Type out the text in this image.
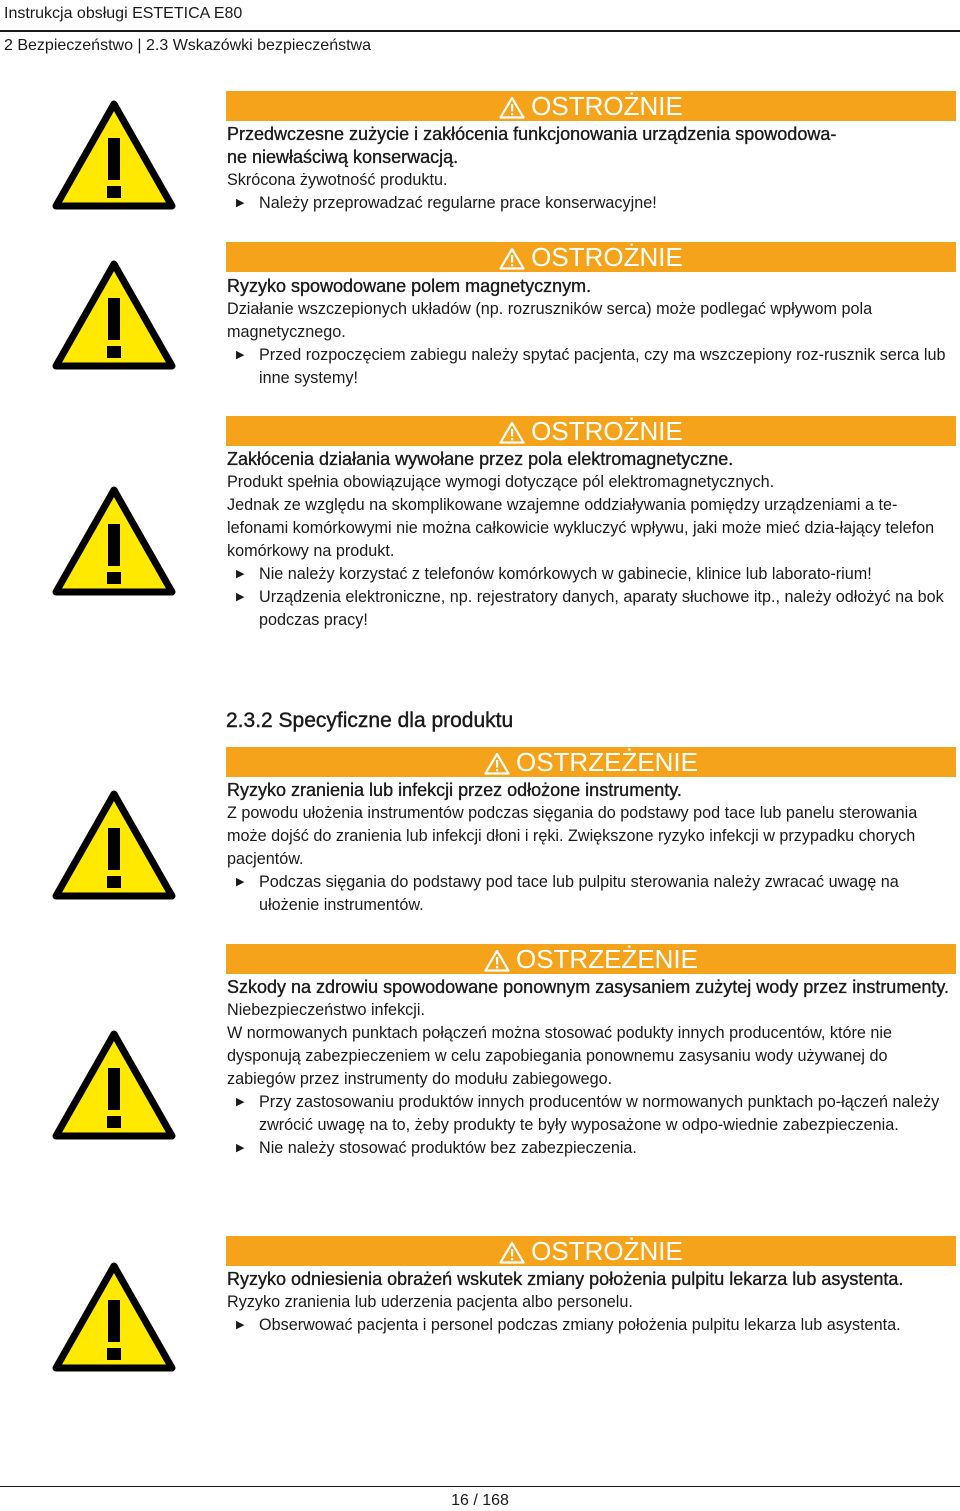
Instrukcja obsługi ESTETICA E80
2 Bezpieczeństwo | 2.3 Wskazówki bezpieczeństwa
OSTROŻNIE

Przedwczesne zużycie i zakłócenia funkcjonowania urządzenia spowodowa-

ne niewłaściwą konserwacją.

Skrócona żywotność produktu.

▶ Należy przeprowadzać regularne prace konserwacyjne!

OSTROŻNIE

Ryzyko spowodowane polem magnetycznym.

Działanie wszczepionych układów (np. rozruszników serca) może podlegać wpływom pola magnetycznego.

▶ Przed rozpoczęciem zabiegu należy spytać pacjenta, czy ma wszczepiony roz-rusznik serca lub inne systemy!

OSTROŻNIE

Zakłócenia działania wywołane przez pola elektromagnetyczne.

Produkt spełnia obowiązujące wymogi dotyczące pól elektromagnetycznych.

Jednak ze względu na skomplikowane wzajemne oddziaływania pomiędzy urządzeniami a te-lefonami komórkowymi nie można całkowicie wykluczyć wpływu, jaki może mieć dzia-łający telefon komórkowy na produkt.

▶ Nie należy korzystać z telefonów komórkowych w gabinecie, klinice lub laborato-rium!

▶ Urządzenia elektroniczne, np. rejestratory danych, aparaty słuchowe itp., należy odłożyć na bok podczas pracy!

2.3.2 Specyficzne dla produktu
OSTRZEŻENIE

Ryzyko zranienia lub infekcji przez odłożone instrumenty.

Z powodu ułożenia instrumentów podczas sięgania do podstawy pod tace lub panelu sterowania może dojść do zranienia lub infekcji dłoni i ręki. Zwiększone ryzyko infekcji w przypadku chorych pacjentów.

▶ Podczas sięgania do podstawy pod tace lub pulpitu sterowania należy zwracać uwagę na ułożenie instrumentów.

OSTRZEŻENIE

Szkody na zdrowiu spowodowane ponownym zasysaniem zużytej wody przez instrumenty.

Niebezpieczeństwo infekcji.

W normowanych punktach połączeń można stosować podukty innych producentów, które nie dysponują zabezpieczeniem w celu zapobiegania ponownemu zasysaniu wody używanej do zabiegów przez instrumenty do modułu zabiegowego.

▶ Przy zastosowaniu produktów innych producentów w normowanych punktach po-łączeń należy zwrócić uwagę na to, żeby produkty te były wyposażone w odpo-wiednie zabezpieczenia.

▶ Nie należy stosować produktów bez zabezpieczenia.

OSTROŻNIE

Ryzyko odniesienia obrażeń wskutek zmiany położenia pulpitu lekarza lub asystenta.

Ryzyko zranienia lub uderzenia pacjenta albo personelu.

▶ Obserwować pacjenta i personel podczas zmiany położenia pulpitu lekarza lub asystenta.

16 / 168
